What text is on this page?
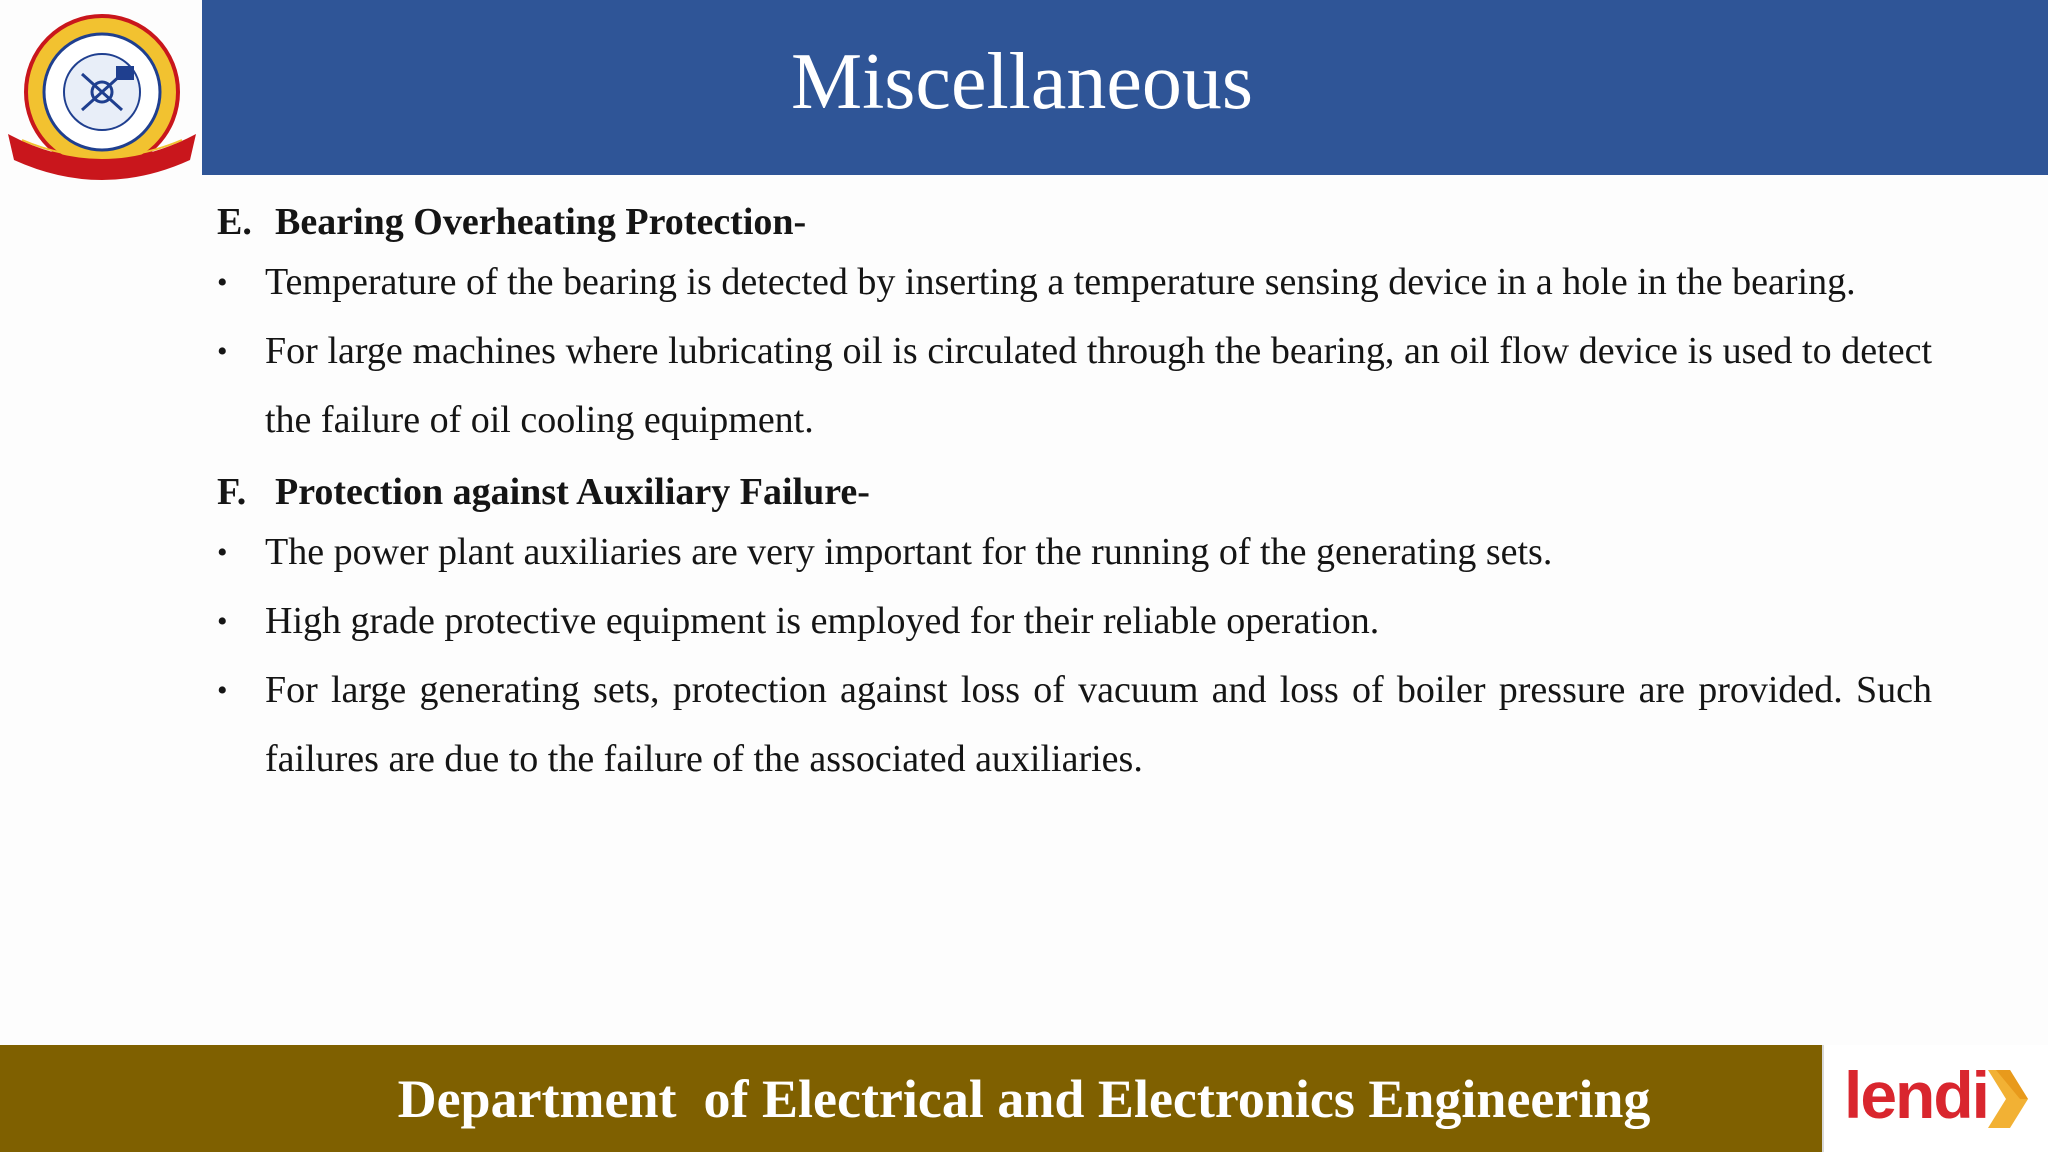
Miscellaneous
E. Bearing Overheating Protection-
• Temperature of the bearing is detected by inserting a temperature sensing device in a hole in the bearing.
• For large machines where lubricating oil is circulated through the bearing, an oil flow device is used to detect the failure of oil cooling equipment.
F. Protection against Auxiliary Failure-
• The power plant auxiliaries are very important for the running of the generating sets.
• High grade protective equipment is employed for their reliable operation.
• For large generating sets, protection against loss of vacuum and loss of boiler pressure are provided. Such failures are due to the failure of the associated auxiliaries.
Department  of Electrical and Electronics Engineering	lendi
